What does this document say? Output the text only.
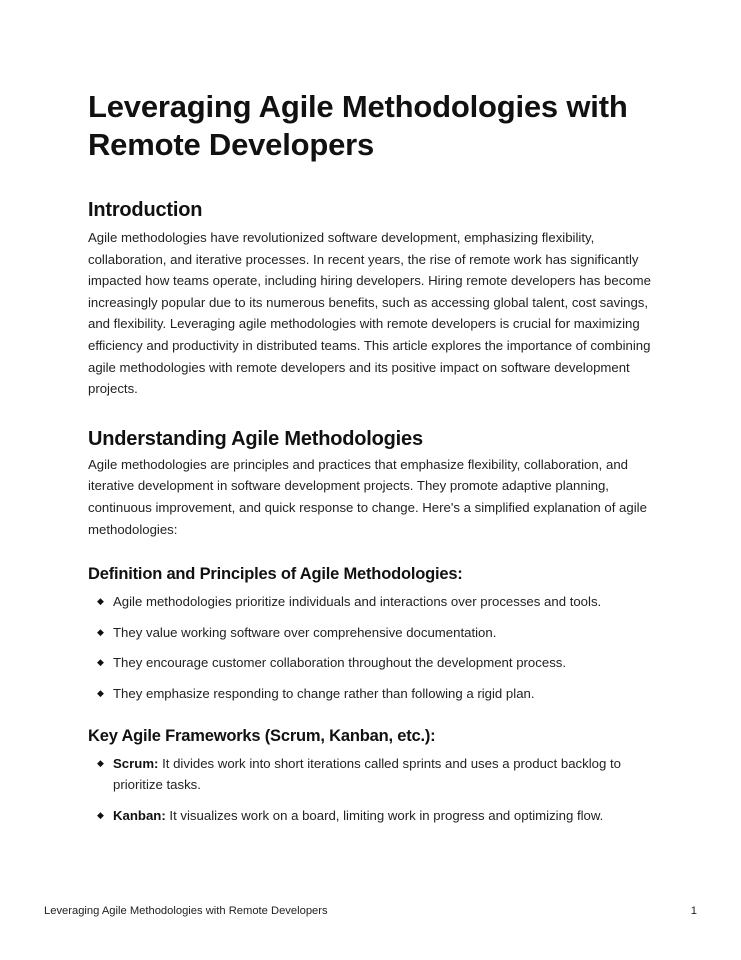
Leveraging Agile Methodologies with Remote Developers
Introduction

Agile methodologies have revolutionized software development, emphasizing flexibility, collaboration, and iterative processes. In recent years, the rise of remote work has significantly impacted how teams operate, including hiring developers. Hiring remote developers has become increasingly popular due to its numerous benefits, such as accessing global talent, cost savings, and flexibility. Leveraging agile methodologies with remote developers is crucial for maximizing efficiency and productivity in distributed teams. This article explores the importance of combining agile methodologies with remote developers and its positive impact on software development projects.

Understanding Agile Methodologies

Agile methodologies are principles and practices that emphasize flexibility, collaboration, and iterative development in software development projects. They promote adaptive planning, continuous improvement, and quick response to change. Here's a simplified explanation of agile methodologies:

Definition and Principles of Agile Methodologies:
◆ Agile methodologies prioritize individuals and interactions over processes and tools.
◆ They value working software over comprehensive documentation.
◆ They encourage customer collaboration throughout the development process.
◆ They emphasize responding to change rather than following a rigid plan.
Key Agile Frameworks (Scrum, Kanban, etc.):
◆ Scrum: It divides work into short iterations called sprints and uses a product backlog to prioritize tasks.
◆ Kanban: It visualizes work on a board, limiting work in progress and optimizing flow.
Leveraging Agile Methodologies with Remote Developers	1
